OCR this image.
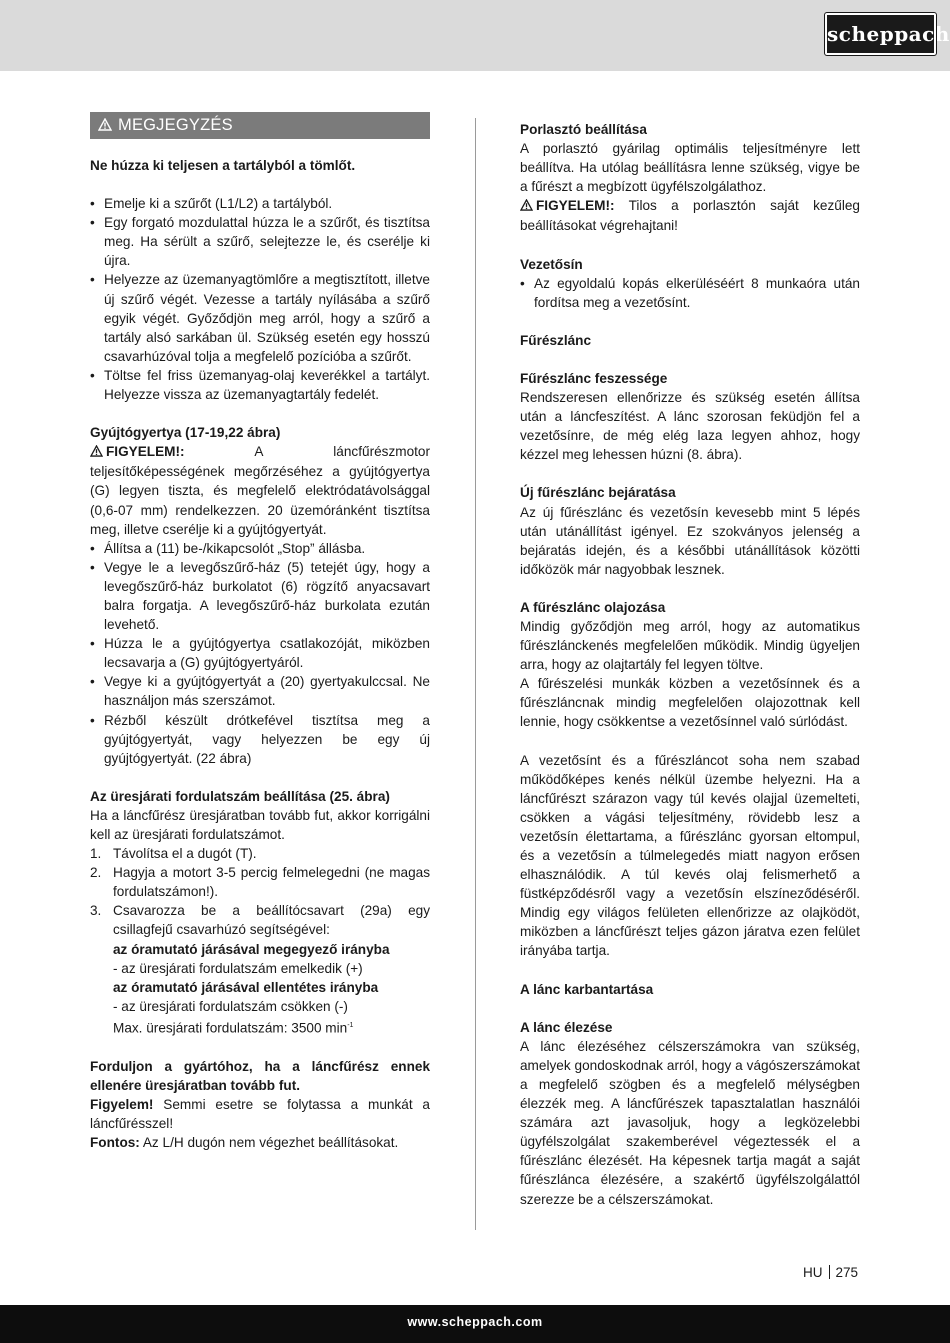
scheppach
MEGJEGYZÉS

Ne húzza ki teljesen a tartályból a tömlőt.

• Emelje ki a szűrőt (L1/L2) a tartályból.
• Egy forgató mozdulattal húzza le a szűrőt, és tisztítsa meg. Ha sérült a szűrő, selejtezze le, és cserélje ki újra.
• Helyezze az üzemanyagtömlőre a megtisztított, illetve új szűrő végét. Vezesse a tartály nyílásába a szűrő egyik végét. Győződjön meg arról, hogy a szűrő a tartály alsó sarkában ül. Szükség esetén egy hosszú csavarhúzóval tolja a megfelelő pozícióba a szűrőt.
• Töltse fel friss üzemanyag-olaj keverékkel a tartályt. Helyezze vissza az üzemanyagtartály fedelét.

Gyújtógyertya (17-19,22 ábra)

FIGYELEM!: A láncfűrészmotor teljesítőképességének megőrzéséhez a gyújtógyertya (G) legyen tiszta, és megfelelő elektródatávolsággal (0,6-07 mm) rendelkezzen. 20 üzemóránként tisztítsa meg, illetve cserélje ki a gyújtógyertyát.

• Állítsa a (11) be-/kikapcsolót „Stop” állásba.
• Vegye le a levegőszűrő-ház (5) tetejét úgy, hogy a levegőszűrő-ház burkolatot (6) rögzítő anyacsavart balra forgatja. A levegőszűrő-ház burkolata ezután levehető.
• Húzza le a gyújtógyertya csatlakozóját, miközben lecsavarja a (G) gyújtógyertyáról.
• Vegye ki a gyújtógyertyát a (20) gyertyakulccsal. Ne használjon más szerszámot.
• Rézből készült drótkefével tisztítsa meg a gyújtógyertyát, vagy helyezzen be egy új gyújtógyertyát. (22 ábra)

Az üresjárati fordulatszám beállítása (25. ábra)

Ha a láncfűrész üresjáratban tovább fut, akkor korrigálni kell az üresjárati fordulatszámot.

1. Távolítsa el a dugót (T).
2. Hagyja a motort 3-5 percig felmelegedni (ne magas fordulatszámon!).
3. Csavarozza be a beállítócsavart (29a) egy csillagfejű csavarhúzó segítségével:

az óramutató járásával megegyező irányba

- az üresjárati fordulatszám emelkedik (+)

az óramutató járásával ellentétes irányba

- az üresjárati fordulatszám csökken (-)

Max. üresjárati fordulatszám: 3500 $\min^{-1}$

Forduljon a gyártóhoz, ha a láncfűrész ennek ellenére üresjáratban tovább fut.

Figyelem! Semmi esetre se folytassa a munkát a láncfűrésszel!

Fontos: Az L/H dugón nem végezhet beállításokat.

Porlasztó beállítása

A porlasztó gyárilag optimális teljesítményre lett beállítva. Ha utólag beállításra lenne szükség, vigye be a fűrészt a megbízott ügyfélszolgálathoz.

FIGYELEM!: Tilos a porlasztón saját kezűleg beállításokat végrehajtani!

Vezetősín

• Az egyoldalú kopás elkerüléséért 8 munkaóra után fordítsa meg a vezetősínt.

Fűrészlánc

Fűrészlánc feszessége

Rendszeresen ellenőrizze és szükség esetén állítsa után a láncfeszítést. A lánc szorosan feküdjön fel a vezetősínre, de még elég laza legyen ahhoz, hogy kézzel meg lehessen húzni (8. ábra).

Új fűrészlánc bejáratása

Az új fűrészlánc és vezetősín kevesebb mint 5 lépés után utánállítást igényel. Ez szokványos jelenség a bejáratás idején, és a későbbi utánállítások közötti időközök már nagyobbak lesznek.

A fűrészlánc olajozása

Mindig győződjön meg arról, hogy az automatikus fűrészlánckenés megfelelően működik. Mindig ügyeljen arra, hogy az olajtartály fel legyen töltve.

A fűrészelési munkák közben a vezetősínnek és a fűrészláncnak mindig megfelelően olajozottnak kell lennie, hogy csökkentse a vezetősínnel való súrlódást.

A vezetősínt és a fűrészláncot soha nem szabad működőképes kenés nélkül üzembe helyezni. Ha a láncfűrészt szárazon vagy túl kevés olajjal üzemelteti, csökken a vágási teljesítmény, rövidebb lesz a vezetősín élettartama, a fűrészlánc gyorsan eltompul, és a vezetősín a túlmelegedés miatt nagyon erősen elhasználódik. A túl kevés olaj felismerhető a füstképződésről vagy a vezetősín elszíneződéséről. Mindig egy világos felületen ellenőrizze az olajködöt, miközben a láncfűrészt teljes gázon járatva ezen felület irányába tartja.

A lánc karbantartása

A lánc élezése

A lánc élezéséhez célszerszámokra van szükség, amelyek gondoskodnak arról, hogy a vágószerszámokat a megfelelő szögben és a megfelelő mélységben élezzék meg. A láncfűrészek tapasztalatlan használói számára azt javasoljuk, hogy a legközelebbi ügyfélszolgálat szakemberével végeztessék el a fűrészlánc élezését. Ha képesnek tartja magát a saját fűrészlánca élezésére, a szakértő ügyfélszolgálattól szerezze be a célszerszámokat.

HU 275
www.scheppach.com
